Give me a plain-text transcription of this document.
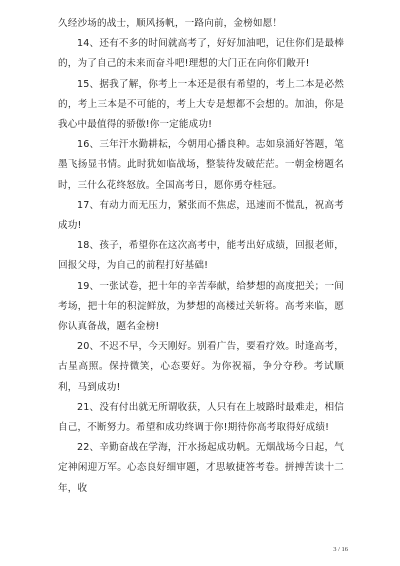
久经沙场的战士，顺风扬帆，一路向前，金榜如愿！

14、还有不多的时间就高考了，好好加油吧，记住你们是最棒的，为了自己的未来而奋斗吧!理想的大门正在向你们敞开!

15、据我了解，你考上一本还是很有希望的，考上二本是必然的，考上三本是不可能的，考上大专是想都不会想的。加油，你是我心中最值得的骄傲!你一定能成功!

16、三年汗水勤耕耘，今朝用心播良种。志如泉涌好答题，笔墨飞扬显书情。此时犹如临战场，整装待发破茫茫。一朝金榜题名时，三什么花终怒放。全国高考日，愿你勇夺桂冠。

17、有动力而无压力，紧张而不焦虑，迅速而不慌乱，祝高考成功!

18、孩子，希望你在这次高考中，能考出好成绩，回报老师，回报父母，为自己的前程打好基础!

19、一张试卷，把十年的辛苦奉献，给梦想的高度把关；一间考场，把十年的积淀鲜放，为梦想的高楼过关斩将。高考来临，愿你认真备战，题名金榜!

20、不迟不早，今天刚好。别看广告，要看疗效。时逢高考，古星高照。保持微笑，心态要好。为你祝福，争分夺秒。考试顺利，马到成功!

21、没有付出就无所谓收获，人只有在上坡路时最难走，相信自己，不断努力。希望和成功终调于你!期待你高考取得好成绩!

22、辛勤奋战在学海，汗水扬起成功帆。无烟战场今日起，气定神闲迎万军。心态良好细审题，才思敏捷答考卷。拼搏苦读十二年，收

3 / 16
